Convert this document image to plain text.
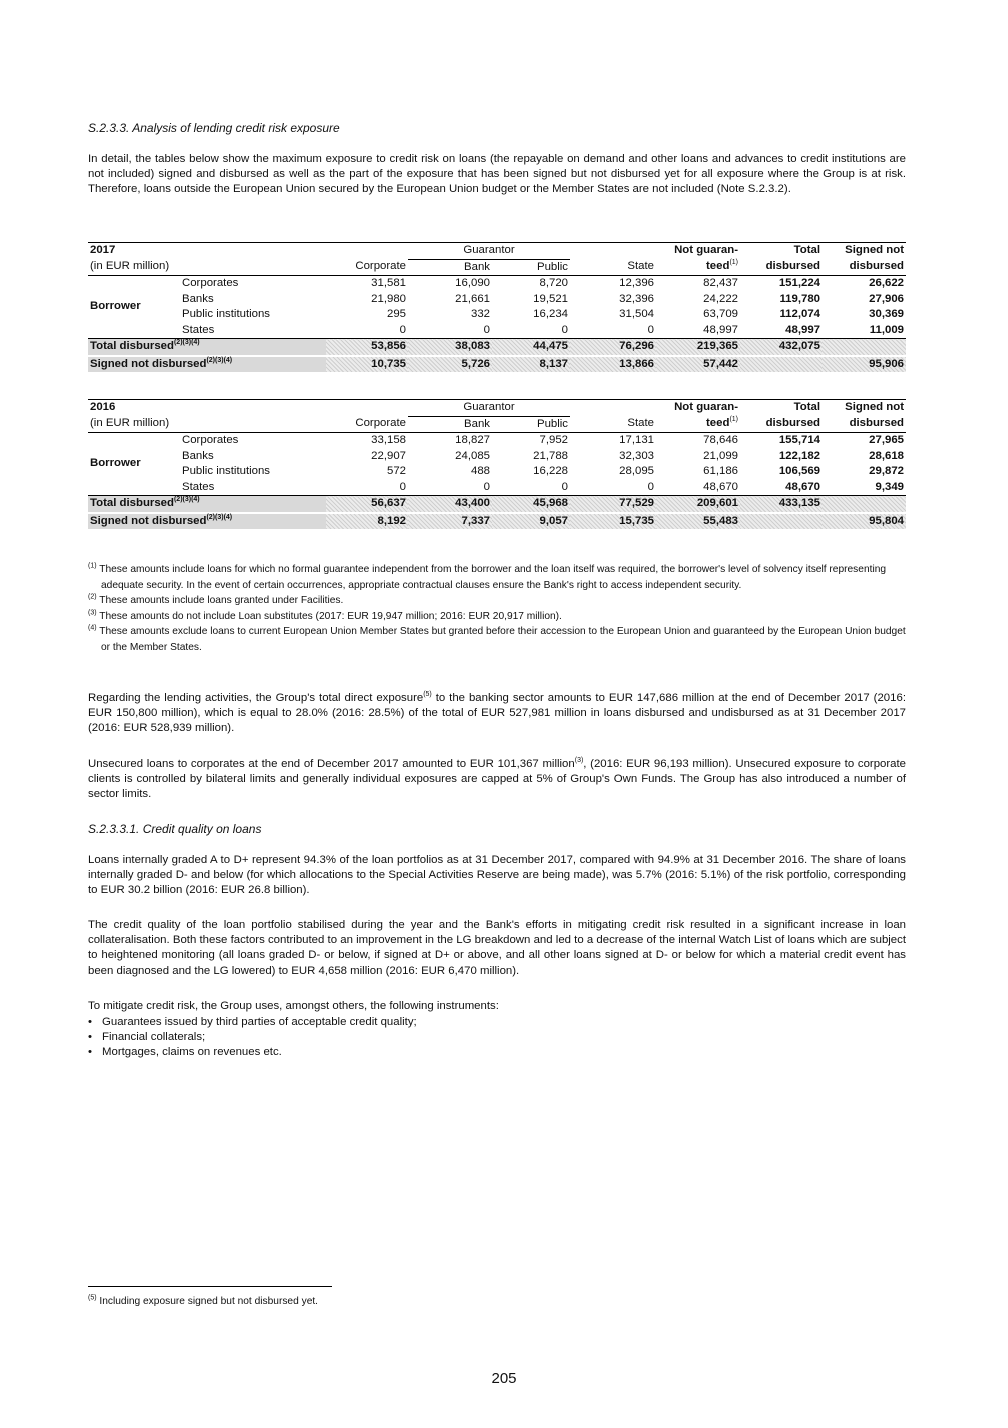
S.2.3.3. Analysis of lending credit risk exposure
In detail, the tables below show the maximum exposure to credit risk on loans (the repayable on demand and other loans and advances to credit institutions are not included) signed and disbursed as well as the part of the exposure that has been signed but not disbursed yet for all exposure where the Group is at risk. Therefore, loans outside the European Union secured by the European Union budget or the Member States are not included (Note S.2.3.2).
2017			Guarantor			Not guaran-	Total	Signed not
(in EUR million)		Corporate	Bank	Public	State	teed$^{(1)}$	disbursed	disbursed
Borrower	Corporates	31,581	16,090	8,720	12,396	82,437	151,224	26,622
	Banks	21,980	21,661	19,521	32,396	24,222	119,780	27,906
	Public institutions	295	332	16,234	31,504	63,709	112,074	30,369
	States	0	0	0	0	48,997	48,997	11,009
Total disbursed$^{(2)(3)(4)}$		53,856	38,083	44,475	76,296	219,365	432,075	
Signed not disbursed$^{(2)(3)(4)}$		10,735	5,726	8,137	13,866	57,442		95,906
2016			Guarantor			Not guaran-	Total	Signed not
(in EUR million)		Corporate	Bank	Public	State	teed$^{(1)}$	disbursed	disbursed
Borrower	Corporates	33,158	18,827	7,952	17,131	78,646	155,714	27,965
	Banks	22,907	24,085	21,788	32,303	21,099	122,182	28,618
	Public institutions	572	488	16,228	28,095	61,186	106,569	29,872
	States	0	0	0	0	48,670	48,670	9,349
Total disbursed$^{(2)(3)(4)}$		56,637	43,400	45,968	77,529	209,601	433,135	
Signed not disbursed$^{(2)(3)(4)}$		8,192	7,337	9,057	15,735	55,483		95,804
$^{(1)}$ These amounts include loans for which no formal guarantee independent from the borrower and the loan itself was required, the borrower's level of solvency itself representing adequate security. In the event of certain occurrences, appropriate contractual clauses ensure the Bank's right to access independent security.
$^{(2)}$ These amounts include loans granted under Facilities.
$^{(3)}$ These amounts do not include Loan substitutes (2017: EUR 19,947 million; 2016: EUR 20,917 million).
$^{(4)}$ These amounts exclude loans to current European Union Member States but granted before their accession to the European Union and guaranteed by the European Union budget or the Member States.
Regarding the lending activities, the Group's total direct exposure$^{(5)}$ to the banking sector amounts to EUR 147,686 million at the end of December 2017 (2016: EUR 150,800 million), which is equal to 28.0% (2016: 28.5%) of the total of EUR 527,981 million in loans disbursed and undisbursed as at 31 December 2017 (2016: EUR 528,939 million).
Unsecured loans to corporates at the end of December 2017 amounted to EUR 101,367 million$^{(3)}$, (2016: EUR 96,193 million). Unsecured exposure to corporate clients is controlled by bilateral limits and generally individual exposures are capped at 5% of Group's Own Funds. The Group has also introduced a number of sector limits.
S.2.3.3.1. Credit quality on loans
Loans internally graded A to D+ represent 94.3% of the loan portfolios as at 31 December 2017, compared with 94.9% at 31 December 2016. The share of loans internally graded D- and below (for which allocations to the Special Activities Reserve are being made), was 5.7% (2016: 5.1%) of the risk portfolio, corresponding to EUR 30.2 billion (2016: EUR 26.8 billion).
The credit quality of the loan portfolio stabilised during the year and the Bank's efforts in mitigating credit risk resulted in a significant increase in loan collateralisation. Both these factors contributed to an improvement in the LG breakdown and led to a decrease of the internal Watch List of loans which are subject to heightened monitoring (all loans graded D- or below, if signed at D+ or above, and all other loans signed at D- or below for which a material credit event has been diagnosed and the LG lowered) to EUR 4,658 million (2016: EUR 6,470 million).
To mitigate credit risk, the Group uses, amongst others, the following instruments:
• Guarantees issued by third parties of acceptable credit quality;
• Financial collaterals;
• Mortgages, claims on revenues etc.
$^{(5)}$ Including exposure signed but not disbursed yet.
205
